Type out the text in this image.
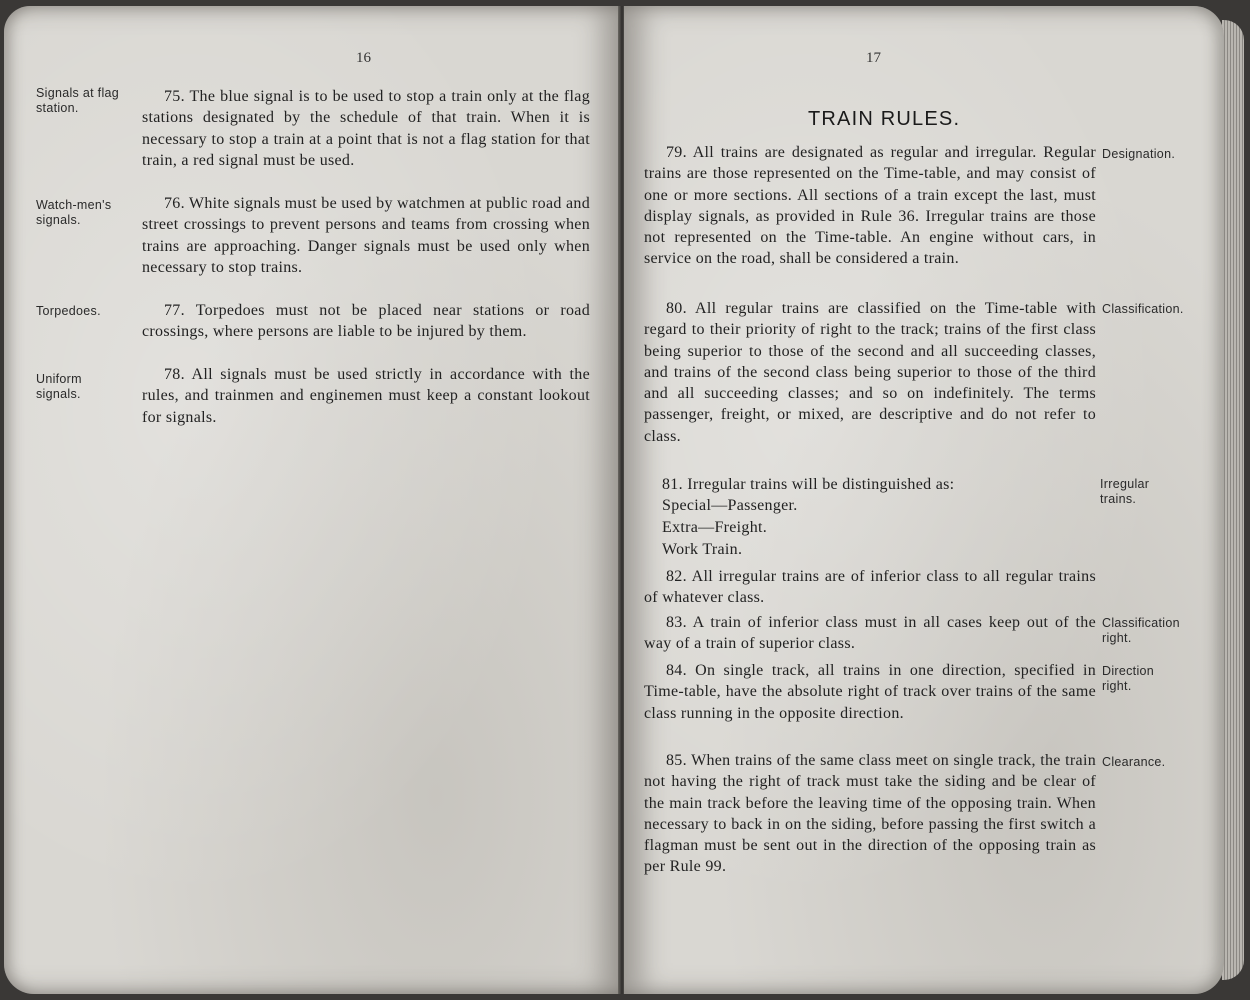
16
Signals at flag station.

75. The blue signal is to be used to stop a train only at the flag stations designated by the schedule of that train. When it is necessary to stop a train at a point that is not a flag station for that train, a red signal must be used.

Watch-men's signals.

76. White signals must be used by watchmen at public road and street crossings to prevent persons and teams from crossing when trains are approaching. Danger signals must be used only when necessary to stop trains.

Torpedoes.	77. Torpedoes must not be placed near stations or road crossings, where persons are liable to be injured by them.

Uniform signals.

78. All signals must be used strictly in accordance with the rules, and trainmen and enginemen must keep a constant lookout for signals.

17
TRAIN RULES.

79. All trains are designated as regular and irregular. Regular trains are those represented on the Time-table, and may consist of one or more sections. All sections of a train except the last, must display signals, as provided in Rule 36. Irregular trains are those not represented on the Time-table. An engine without cars, in service on the road, shall be considered a train.

Designation.

80. All regular trains are classified on the Time-table with regard to their priority of right to the track; trains of the first class being superior to those of the second and all succeeding classes, and trains of the second class being superior to those of the third and all succeeding classes; and so on indefinitely. The terms passenger, freight, or mixed, are descriptive and do not refer to class.

Classification.

81. Irregular trains will be distinguished as:

Special—Passenger.
Extra—Freight.
Work Train.
Irregular trains.

82. All irregular trains are of inferior class to all regular trains of whatever class.

83. A train of inferior class must in all cases keep out of the way of a train of superior class.

Classification right.

84. On single track, all trains in one direction, specified in Time-table, have the absolute right of track over trains of the same class running in the opposite direction.

Direction right.

85. When trains of the same class meet on single track, the train not having the right of track must take the siding and be clear of the main track before the leaving time of the opposing train. When necessary to back in on the siding, before passing the first switch a flagman must be sent out in the direction of the opposing train as per Rule 99.

Clearance.
